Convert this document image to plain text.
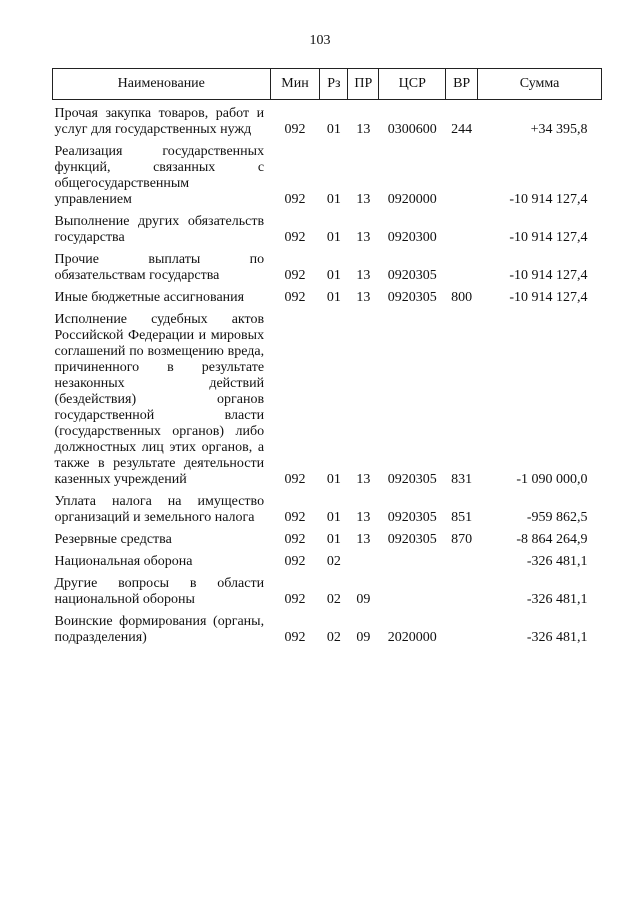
103
Наименование	Мин	Рз	ПР	ЦСР	ВР	Сумма
Прочая закупка товаров, работ и услуг для государственных нужд	092	01	13	0300600	244	+34 395,8
Реализация государственных функций, связанных с общегосударственным управлением	092	01	13	0920000		-10 914 127,4
Выполнение других обязательств государства	092	01	13	0920300		-10 914 127,4
Прочие выплаты по обязательствам государства	092	01	13	0920305		-10 914 127,4
Иные бюджетные ассигнования	092	01	13	0920305	800	-10 914 127,4
Исполнение судебных актов Российской Федерации и мировых соглашений по возмещению вреда, причиненного в результате незаконных действий (бездействия) органов государственной власти (государственных органов) либо должностных лиц этих органов, а также в результате деятельности казенных учреждений	092	01	13	0920305	831	-1 090 000,0
Уплата налога на имущество организаций и земельного налога	092	01	13	0920305	851	-959 862,5
Резервные средства	092	01	13	0920305	870	-8 864 264,9
Национальная оборона	092	02				-326 481,1
Другие вопросы в области национальной обороны	092	02	09			-326 481,1
Воинские формирования (органы, подразделения)	092	02	09	2020000		-326 481,1
